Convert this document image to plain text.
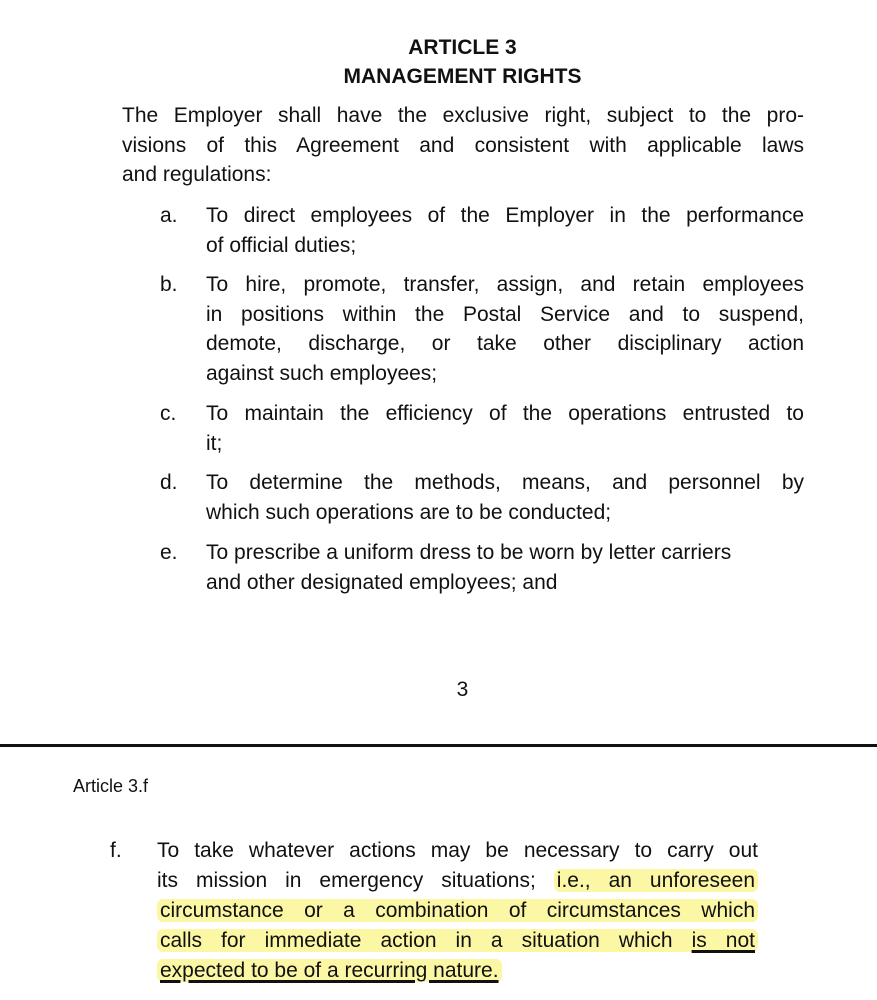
ARTICLE 3
MANAGEMENT RIGHTS
The Employer shall have the exclusive right, subject to the pro-
visions of this Agreement and consistent with applicable laws
and regulations:
a. To direct employees of the Employer in the performance
of official duties;
b. To hire, promote, transfer, assign, and retain employees
in positions within the Postal Service and to suspend,
demote, discharge, or take other disciplinary action
against such employees;
c. To maintain the efficiency of the operations entrusted to
it;
d. To determine the methods, means, and personnel by
which such operations are to be conducted;
e. To prescribe a uniform dress to be worn by letter carriers
and other designated employees; and
3
Article 3.f
f. To take whatever actions may be necessary to carry out
its mission in emergency situations; i.e., an unforeseen
circumstance or a combination of circumstances which
calls for immediate action in a situation which is not
expected to be of a recurring nature.
